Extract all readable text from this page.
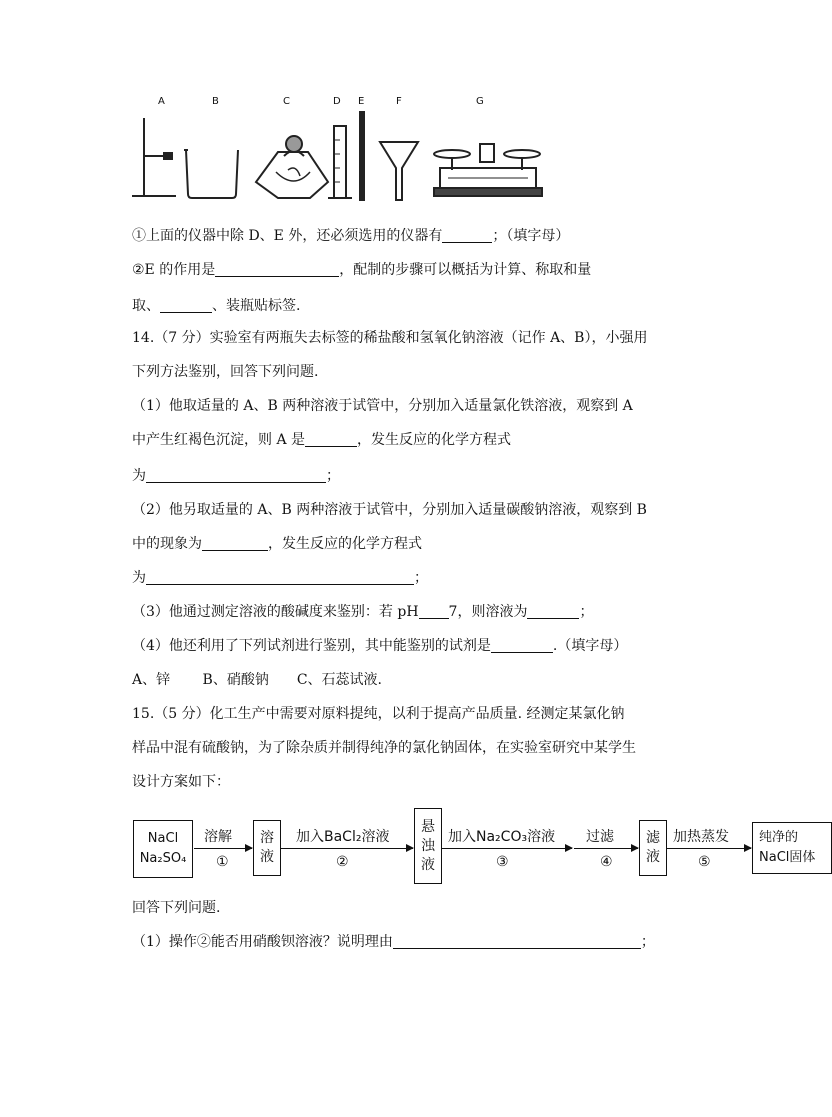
A	B	C	D E	F	G
①上面的仪器中除 D、E 外，还必须选用的仪器有	；（填字母）
②E 的作用是	，配制的步骤可以概括为计算、称取和量
取、	、装瓶贴标签.
14.（7 分）实验室有两瓶失去标签的稀盐酸和氢氧化钠溶液（记作 A、B），小强用
下列方法鉴别，回答下列问题.
（1）他取适量的 A、B 两种溶液于试管中，分别加入适量氯化铁溶液，观察到 A
中产生红褐色沉淀，则 A 是	，发生反应的化学方程式
为	；
（2）他另取适量的 A、B 两种溶液于试管中，分别加入适量碳酸钠溶液，观察到 B
中的现象为	，发生反应的化学方程式
为	；
（3）他通过测定溶液的酸碱度来鉴别：若 pH 7，则溶液为	；
（4）他还利用了下列试剂进行鉴别，其中能鉴别的试剂是	.（填字母）
A、锌　　 B、硝酸钠　　C、石蕊试液.
15.（5 分）化工生产中需要对原料提纯，以利于提高产品质量. 经测定某氯化钠
样品中混有硫酸钠，为了除杂质并制得纯净的氯化钠固体，在实验室研究中某学生
设计方案如下：
NaCl
Na₂SO₄
溶解
①
溶液
加入BaCl₂溶液
②
悬浊液
加入Na₂CO₃溶液
③
过滤
④
滤液
加热蒸发
⑤
纯净的
NaCl固体
回答下列问题.
（1）操作②能否用硝酸钡溶液？说明理由	；
